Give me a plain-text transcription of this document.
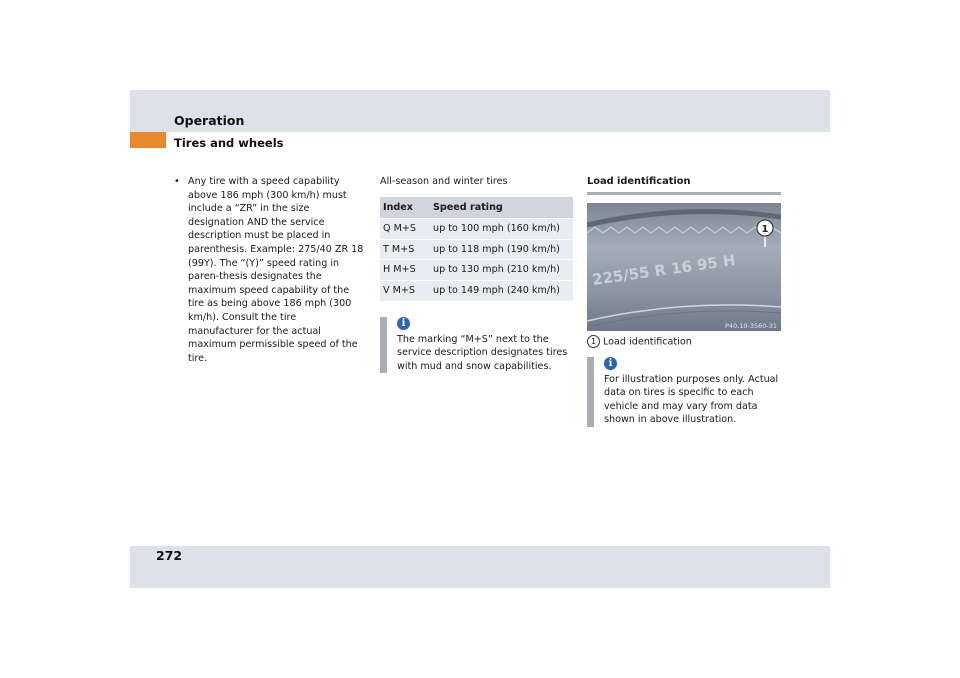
Operation
Tires and wheels
• Any tire with a speed capability above 186 mph (300 km/h) must include a “ZR” in the size designation AND the service description must be placed in parenthesis. Example: 275/40 ZR 18 (99Y). The “(Y)” speed rating in paren-thesis designates the maximum speed capability of the tire as being above 186 mph (300 km/h). Consult the tire manufacturer for the actual maximum permissible speed of the tire.
All-season and winter tires
Index	Speed rating
Q M+S	up to 100 mph (160 km/h)
T M+S	up to 118 mph (190 km/h)
H M+S	up to 130 mph (210 km/h)
V M+S	up to 149 mph (240 km/h)
i
The marking “M+S” next to the service description designates tires with mud and snow capabilities.
Load identification
225/55 R 16 95 H
1
P40.10-3560-31
1 Load identification
i
For illustration purposes only. Actual data on tires is specific to each vehicle and may vary from data shown in above illustration.
272
